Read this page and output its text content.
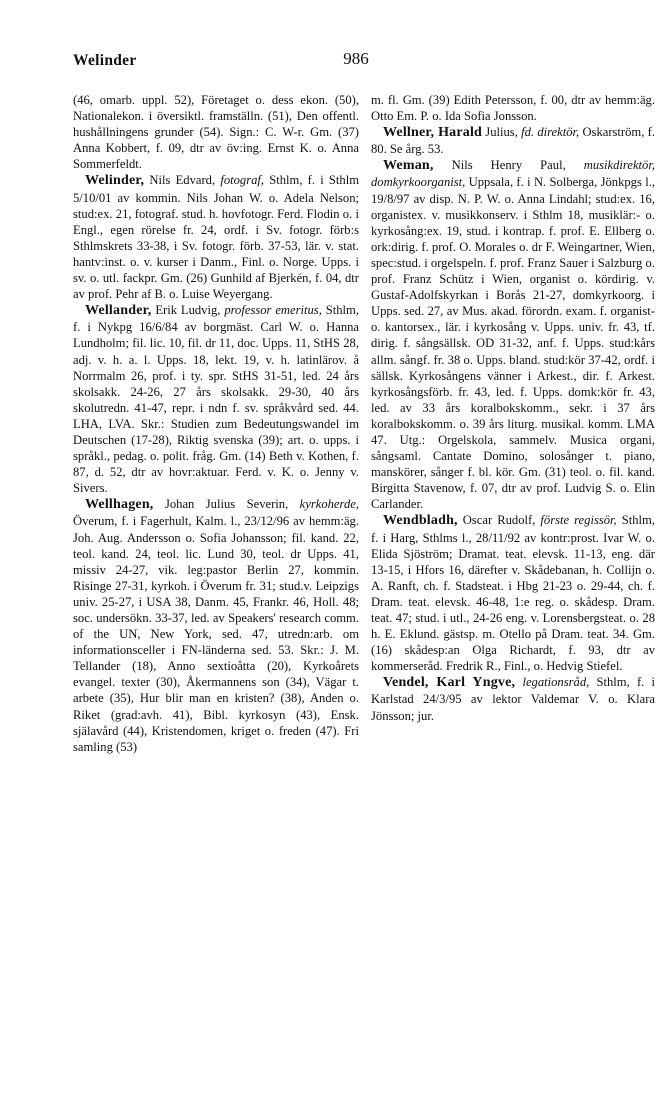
Welinder	986

(46, omarb. uppl. 52), Företaget o. dess ekon. (50), Nationalekon. i översiktl. framställn. (51), Den offentl. hushållningens grunder (54). Sign.: C. W-r. Gm. (37) Anna Kobbert, f. 09, dtr av öv:ing. Ernst K. o. Anna Sommerfeldt.

Welinder, Nils Edvard, fotograf, Sthlm, f. i Sthlm 5/10/01 av kommin. Nils Johan W. o. Adela Nelson; stud:ex. 21, fotograf. stud. h. hovfotogr. Ferd. Flodin o. i Engl., egen rörelse fr. 24, ordf. i Sv. fotogr. förb:s Sthlmskrets 33-38, i Sv. fotogr. förb. 37-53, lär. v. stat. hantv:inst. o. v. kurser i Danm., Finl. o. Norge. Upps. i sv. o. utl. fackpr. Gm. (26) Gunhild af Bjerkén, f. 04, dtr av prof. Pehr af B. o. Luise Weyergang.

Wellander, Erik Ludvig, professor emeritus, Sthlm, f. i Nykpg 16/6/84 av borgmäst. Carl W. o. Hanna Lundholm; fil. lic. 10, fil. dr 11, doc. Upps. 11, StHS 28, adj. v. h. a. l. Upps. 18, lekt. 19, v. h. latinlärov. å Norrmalm 26, prof. i ty. spr. StHS 31-51, led. 24 års skolsakk. 24-26, 27 års skolsakk. 29-30, 40 års skolutredn. 41-47, repr. i ndn f. sv. språkvård sed. 44. LHA, LVA. Skr.: Studien zum Bedeutungswandel im Deutschen (17-28), Riktig svenska (39); art. o. upps. i språkl., pedag. o. polit. fråg. Gm. (14) Beth v. Kothen, f. 87, d. 52, dtr av hovr:aktuar. Ferd. v. K. o. Jenny v. Sivers.

Wellhagen, Johan Julius Severin, kyrkoherde, Överum, f. i Fagerhult, Kalm. l., 23/12/96 av hemm:äg. Joh. Aug. Andersson o. Sofia Johansson; fil. kand. 22, teol. kand. 24, teol. lic. Lund 30, teol. dr Upps. 41, missiv 24-27, vik. leg:pastor Berlin 27, kommin. Risinge 27-31, kyrkoh. i Överum fr. 31; stud.v. Leipzigs univ. 25-27, i USA 38, Danm. 45, Frankr. 46, Holl. 48; soc. undersökn. 33-37, led. av Speakers' research comm. of the UN, New York, sed. 47, utredn:arb. om informationsceller i FN-länderna sed. 53. Skr.: J. M. Tellander (18), Anno sextioåtta (20), Kyrkoårets evangel. texter (30), Åkermannens son (34), Vägar t. arbete (35), Hur blir man en kristen? (38), Anden o. Riket (grad:avh. 41), Bibl. kyrkosyn (43), Ensk. själavård (44), Kristendomen, kriget o. freden (47). Fri samling (53)

m. fl. Gm. (39) Edith Petersson, f. 00, dtr av hemm:äg. Otto Em. P. o. Ida Sofia Jonsson.

Wellner, Harald Julius, fd. direktör, Oskarström, f. 80. Se årg. 53.

Weman, Nils Henry Paul, musikdirektör, domkyrkoorganist, Uppsala, f. i N. Solberga, Jönkpgs l., 19/8/97 av disp. N. P. W. o. Anna Lindahl; stud:ex. 16, organistex. v. musikkonserv. i Sthlm 18, musiklär:- o. kyrkosång:ex. 19, stud. i kontrap. f. prof. E. Ellberg o. ork:dirig. f. prof. O. Morales o. dr F. Weingartner, Wien, spec:stud. i orgelspeln. f. prof. Franz Sauer i Salzburg o. prof. Franz Schütz i Wien, organist o. kördirig. v. Gustaf-Adolfskyrkan i Borås 21-27, domkyrkoorg. i Upps. sed. 27, av Mus. akad. förordn. exam. f. organist- o. kantorsex., lär. i kyrkosång v. Upps. univ. fr. 43, tf. dirig. f. sångsällsk. OD 31-32, anf. f. Upps. stud:kårs allm. sångf. fr. 38 o. Upps. bland. stud:kör 37-42, ordf. i sällsk. Kyrkosångens vänner i Arkest., dir. f. Arkest. kyrkosångsförb. fr. 43, led. f. Upps. domk:kör fr. 43, led. av 33 års koralbokskomm., sekr. i 37 års koralbokskomm. o. 39 års liturg. musikal. komm. LMA 47. Utg.: Orgelskola, sammelv. Musica organi, sångsaml. Cantate Domino, solosånger t. piano, manskörer, sånger f. bl. kör. Gm. (31) teol. o. fil. kand. Birgitta Stavenow, f. 07, dtr av prof. Ludvig S. o. Elin Carlander.

Wendbladh, Oscar Rudolf, förste regissör, Sthlm, f. i Harg, Sthlms l., 28/11/92 av kontr:prost. Ivar W. o. Elida Sjöström; Dramat. teat. elevsk. 11-13, eng. där 13-15, i Hfors 16, därefter v. Skådebanan, h. Collijn o. A. Ranft, ch. f. Stadsteat. i Hbg 21-23 o. 29-44, ch. f. Dram. teat. elevsk. 46-48, 1:e reg. o. skådesp. Dram. teat. 47; stud. i utl., 24-26 eng. v. Lorensbergsteat. o. 28 h. E. Eklund. gästsp. m. Otello på Dram. teat. 34. Gm. (16) skådesp:an Olga Richardt, f. 93, dtr av kommerseråd. Fredrik R., Finl., o. Hedvig Stiefel.

Vendel, Karl Yngve, legationsråd, Sthlm, f. i Karlstad 24/3/95 av lektor Valdemar V. o. Klara Jönsson; jur.
